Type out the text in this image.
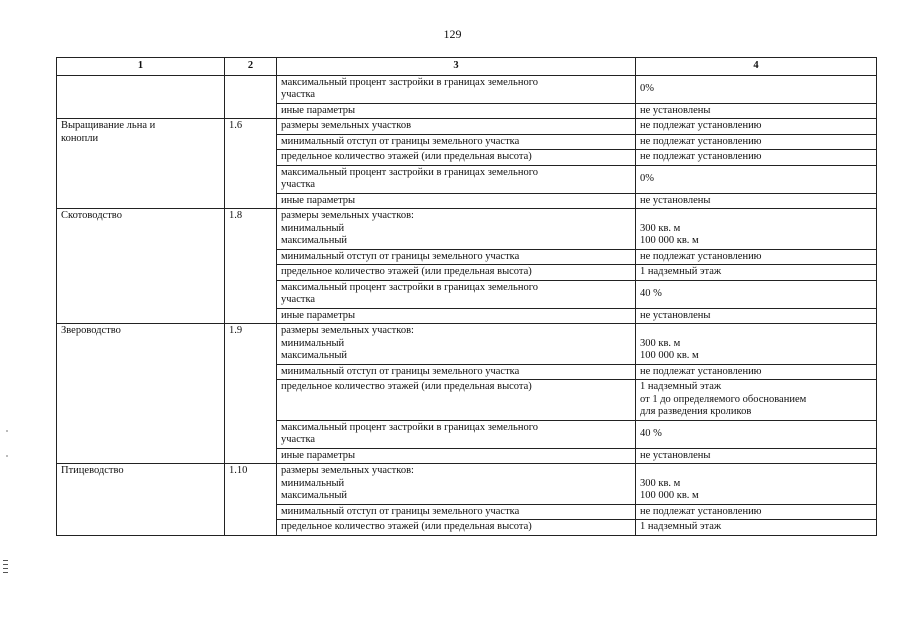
129
1	2	3	4

		максимальный процент застройки в границах земельного
участка	0%

		иные параметры	не установлены

Выращивание льна и
конопли	1.6	размеры земельных участков	не подлежат установлению

		минимальный отступ от границы земельного участка	не подлежат установлению

		предельное количество этажей (или предельная высота)	не подлежат установлению

		максимальный процент застройки в границах земельного
участка	0%

		иные параметры	не установлены

Скотоводство	1.8	размеры земельных участков:
минимальный
максимальный	300 кв. м
100 000 кв. м

		минимальный отступ от границы земельного участка	не подлежат установлению

		предельное количество этажей (или предельная высота)	1 надземный этаж

		максимальный процент застройки в границах земельного
участка	40 %

		иные параметры	не установлены

Звероводство	1.9	размеры земельных участков:
минимальный
максимальный	300 кв. м
100 000 кв. м

		минимальный отступ от границы земельного участка	не подлежат установлению

		предельное количество этажей (или предельная высота)	1 надземный этаж
от 1 до определяемого обоснованием
для разведения кроликов

		максимальный процент застройки в границах земельного
участка	40 %

		иные параметры	не установлены

Птицеводство	1.10	размеры земельных участков:
минимальный
максимальный	300 кв. м
100 000 кв. м

		минимальный отступ от границы земельного участка	не подлежат установлению

		предельное количество этажей (или предельная высота)	1 надземный этаж
